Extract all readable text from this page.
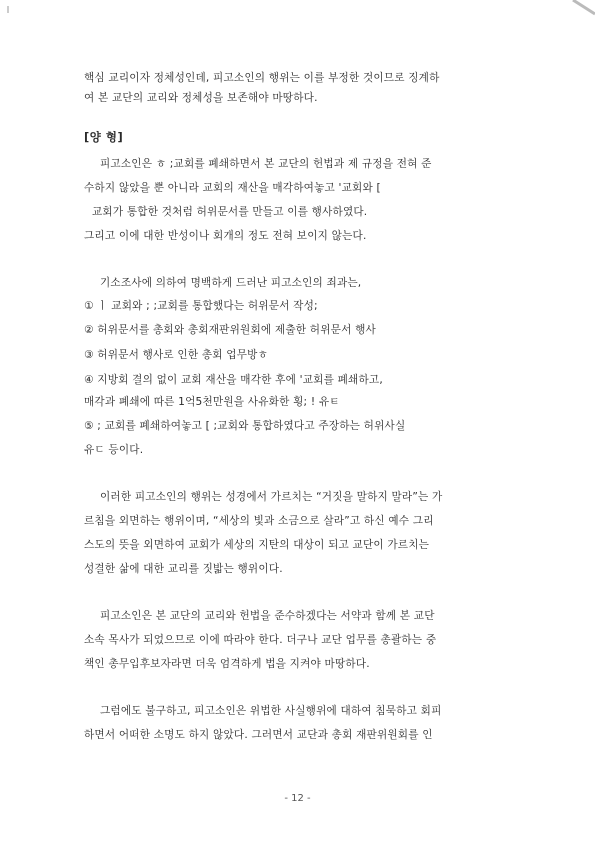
핵심 교리이자 정체성인데, 피고소인의 행위는 이를 부정한 것이므로 징계하
여 본 교단의 교리와 정체성을 보존해야 마땅하다.
[양 형]
피고소인은 ㅎ ;교회를 폐쇄하면서 본 교단의 헌법과 제 규정을 전혀 준
수하지 않았을 뿐 아니라 교회의 재산을 매각하여놓고 '교회와 [
교회가 통합한 것처럼 허위문서를 만들고 이를 행사하였다.
그리고 이에 대한 반성이나 회개의 정도 전혀 보이지 않는다.
기소조사에 의하여 명백하게 드러난 피고소인의 죄과는,
① ㅣ 교회와 ; ;교회를 통합했다는 허위문서 작성;
② 허위문서를 총회와 총회재판위원회에 제출한 허위문서 행사
③ 허위문서 행사로 인한 총회 업무방ㅎ
④ 지방회 결의 없이 교회 재산을 매각한 후에 '교회를 폐쇄하고,
매각과 폐쇄에 따른 1억5천만원을 사유화한 횡; ! 유ㅌ
⑤ ; 교회를 폐쇄하여놓고 [ ;교회와 통합하였다고 주장하는 허위사실
유ㄷ 등이다.
이러한 피고소인의 행위는 성경에서 가르치는 “거짓을 말하지 말라”는 가
르침을 외면하는 행위이며, “세상의 빛과 소금으로 살라”고 하신 예수 그리
스도의 뜻을 외면하여 교회가 세상의 지탄의 대상이 되고 교단이 가르치는
성결한 삶에 대한 교리를 짓밟는 행위이다.
피고소인은 본 교단의 교리와 헌법을 준수하겠다는 서약과 함께 본 교단
소속 목사가 되었으므로 이에 따라야 한다. 더구나 교단 업무를 총괄하는 중
책인 총무입후보자라면 더욱 엄격하게 법을 지켜야 마땅하다.
그럼에도 불구하고, 피고소인은 위법한 사실행위에 대하여 침묵하고 회피
하면서 어떠한 소명도 하지 않았다. 그러면서 교단과 총회 재판위원회를 인
- 12 -
